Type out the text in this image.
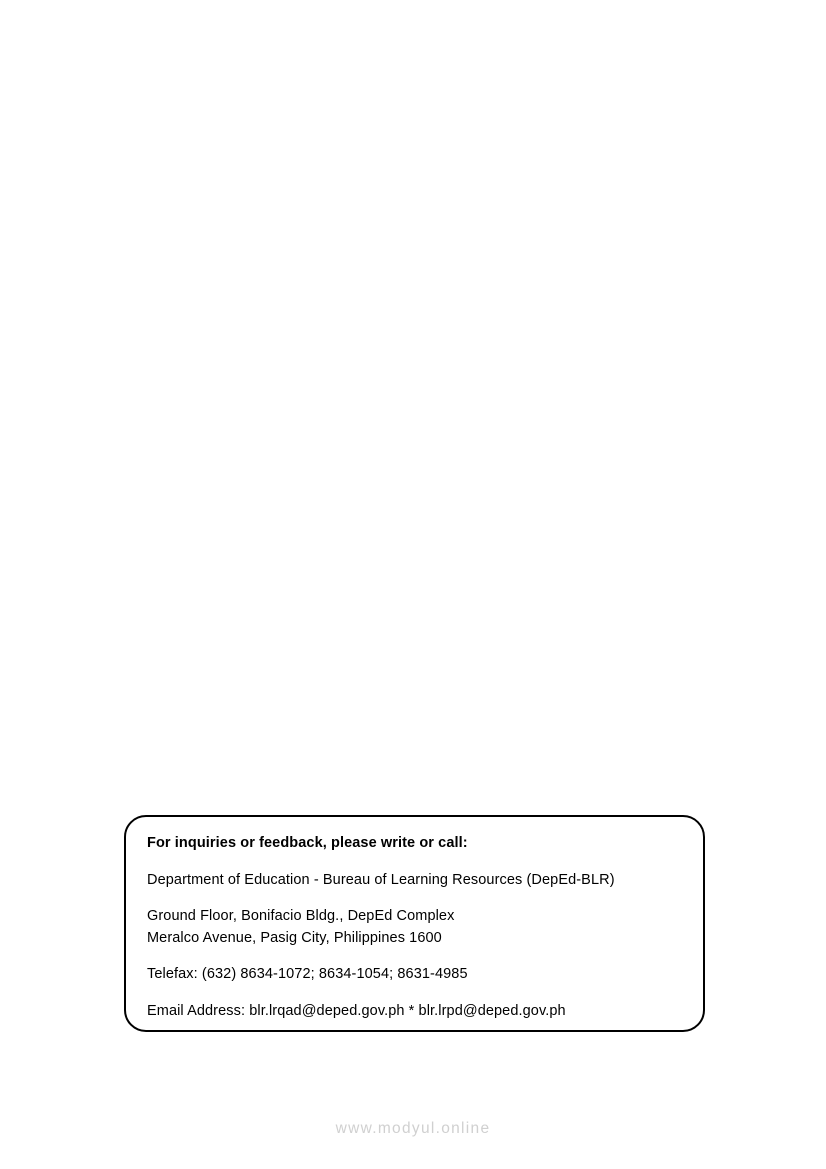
For inquiries or feedback, please write or call:

Department of Education - Bureau of Learning Resources (DepEd-BLR)

Ground Floor, Bonifacio Bldg., DepEd Complex

Meralco Avenue, Pasig City, Philippines 1600

Telefax: (632) 8634-1072; 8634-1054; 8631-4985

Email Address: blr.lrqad@deped.gov.ph * blr.lrpd@deped.gov.ph

www.modyul.online
